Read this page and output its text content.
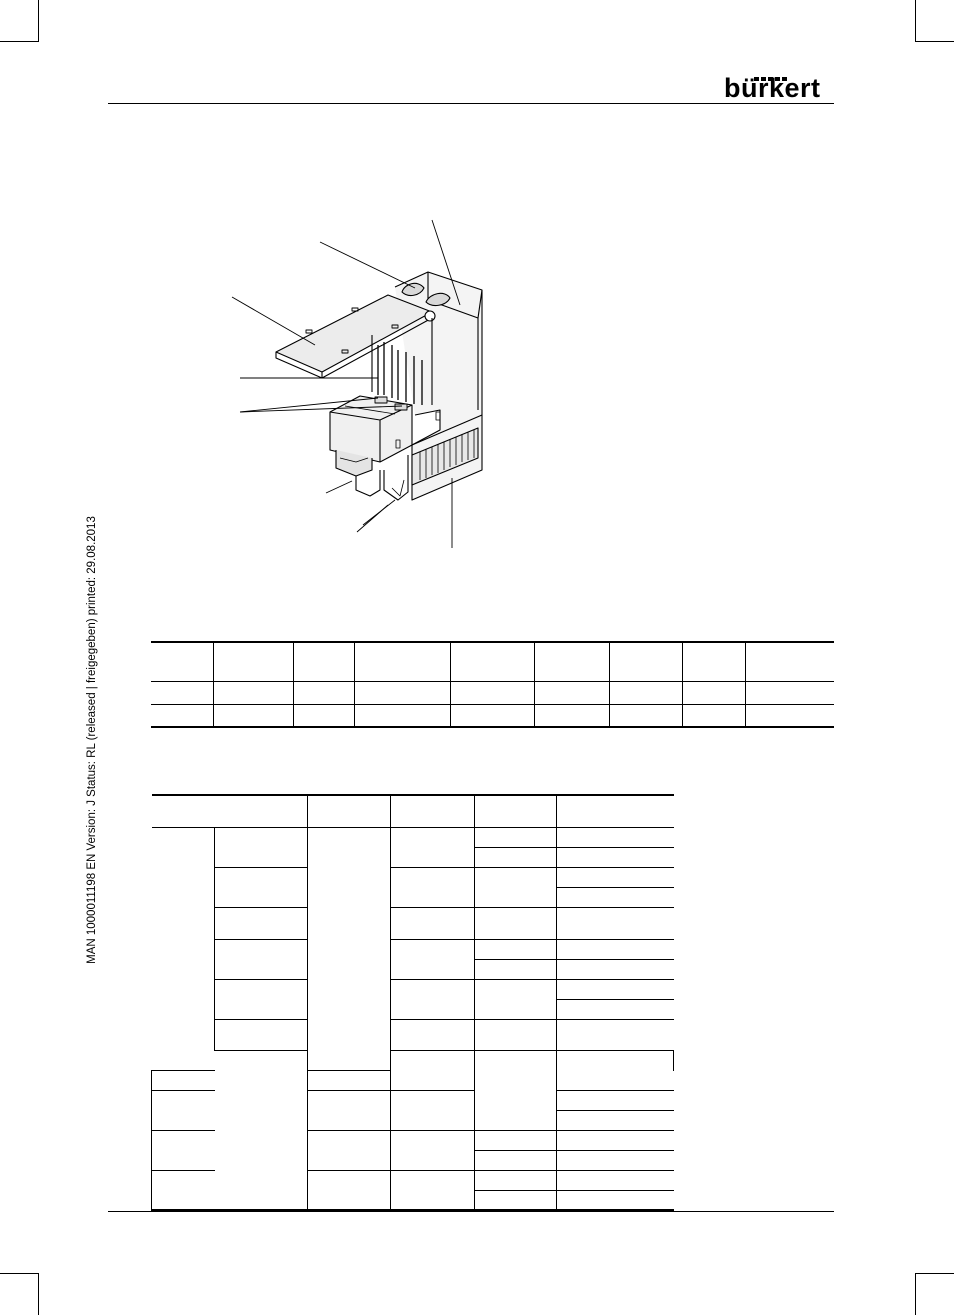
bürkert
MAN 1000011198 EN Version: J Status: RL (released | freigegeben) printed: 29.08.2013
